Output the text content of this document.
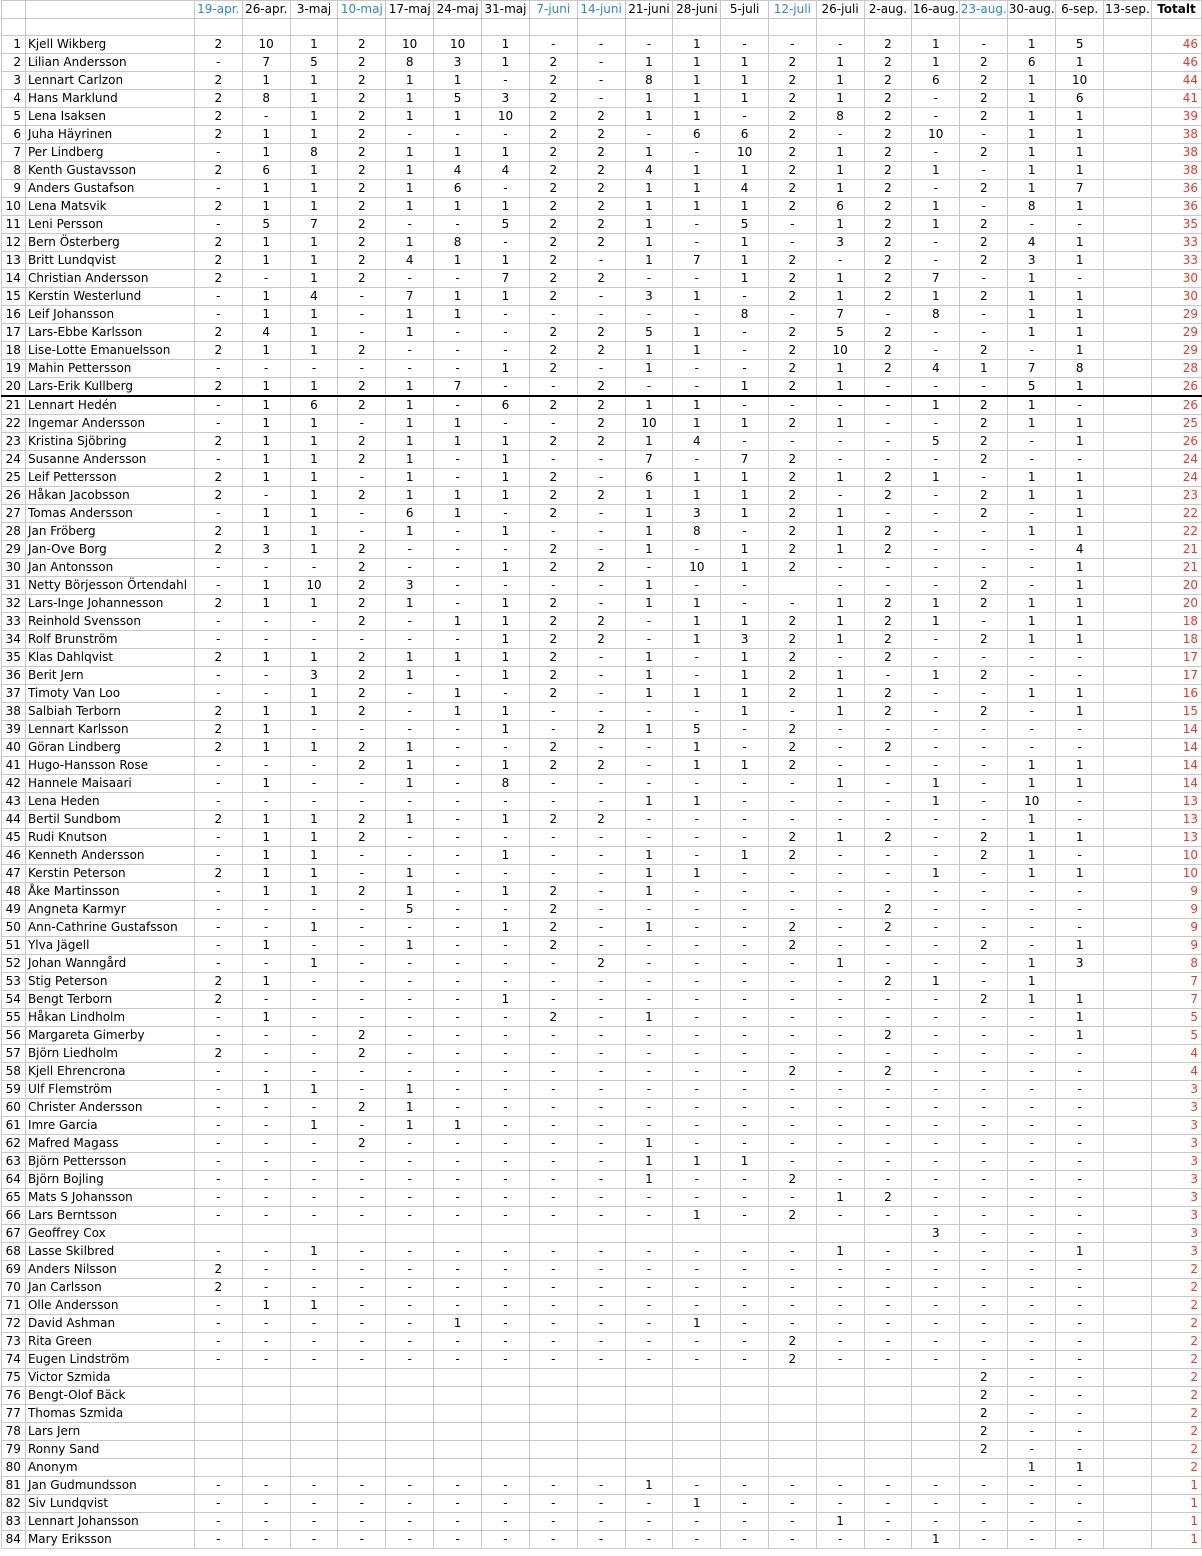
		19-apr.	26-apr.	3-maj	10-maj	17-maj	24-maj	31-maj	7-juni	14-juni	21-juni	28-juni	5-juli	12-juli	26-juli	2-aug.	16-aug.	23-aug.	30-aug.	6-sep.	13-sep.	Totalt

1	Kjell Wikberg	2	10	1	2	10	10	1	-	-	-	1	-	-	-	2	1	-	1	5		46
2	Lilian Andersson	-	7	5	2	8	3	1	2	-	1	1	1	2	1	2	1	2	6	1		46
3	Lennart Carlzon	2	1	1	2	1	1	-	2	-	8	1	1	2	1	2	6	2	1	10		44
4	Hans Marklund	2	8	1	2	1	5	3	2	-	1	1	1	2	1	2	-	2	1	6		41
5	Lena Isaksen	2	-	1	2	1	1	10	2	2	1	1	-	2	8	2	-	2	1	1		39
6	Juha Häyrinen	2	1	1	2	-	-	-	2	2	-	6	6	2	-	2	10	-	1	1		38
7	Per Lindberg	-	1	8	2	1	1	1	2	2	1	-	10	2	1	2	-	2	1	1		38
8	Kenth Gustavsson	2	6	1	2	1	4	4	2	2	4	1	1	2	1	2	1	-	1	1		38
9	Anders Gustafson	-	1	1	2	1	6	-	2	2	1	1	4	2	1	2	-	2	1	7		36
10	Lena Matsvik	2	1	1	2	1	1	1	2	2	1	1	1	2	6	2	1	-	8	1		36
11	Leni Persson	-	5	7	2	-	-	5	2	2	1	-	5	-	1	2	1	2	-	-		35
12	Bern Österberg	2	1	1	2	1	8	-	2	2	1	-	1	-	3	2	-	2	4	1		33
13	Britt Lundqvist	2	1	1	2	4	1	1	2	-	1	7	1	2	-	2	-	2	3	1		33
14	Christian Andersson	2	-	1	2	-	-	7	2	2	-	-	1	2	1	2	7	-	1	-		30
15	Kerstin Westerlund	-	1	4	-	7	1	1	2	-	3	1	-	2	1	2	1	2	1	1		30
16	Leif Johansson	-	1	1	-	1	1	-	-	-	-	-	8	-	7	-	8	-	1	1		29
17	Lars-Ebbe Karlsson	2	4	1	-	1	-	-	2	2	5	1	-	2	5	2	-	-	1	1		29
18	Lise-Lotte Emanuelsson	2	1	1	2	-	-	-	2	2	1	1	-	2	10	2	-	2	-	1		29
19	Mahin Pettersson	-	-	-	-	-	-	1	2	-	1	-	-	2	1	2	4	1	7	8		28
20	Lars-Erik Kullberg	2	1	1	2	1	7	-	-	2	-	-	1	2	1	-	-	-	5	1		26
21	Lennart Hedén	-	1	6	2	1	-	6	2	2	1	1	-	-	-	-	1	2	1	-		26
22	Ingemar Andersson	-	1	1	-	1	1	-	-	2	10	1	1	2	1	-	-	2	1	1		25
23	Kristina Sjöbring	2	1	1	2	1	1	1	2	2	1	4	-	-	-	-	5	2	-	1		26
24	Susanne Andersson	-	1	1	2	1	-	1	-	-	7	-	7	2	-	-	-	2	-	-		24
25	Leif Pettersson	2	1	1	-	1	-	1	2	-	6	1	1	2	1	2	1	-	1	1		24
26	Håkan Jacobsson	2	-	1	2	1	1	1	2	2	1	1	1	2	-	2	-	2	1	1		23
27	Tomas Andersson	-	1	1	-	6	1	-	2	-	1	3	1	2	1	-	-	2	-	1		22
28	Jan Fröberg	2	1	1	-	1	-	1	-	-	1	8	-	2	1	2	-	-	1	1		22
29	Jan-Ove Borg	2	3	1	2	-	-	-	2	-	1	-	1	2	1	2	-	-	-	4		21
30	Jan Antonsson	-	-	-	2	-	-	1	2	2	-	10	1	2	-	-	-	-	-	1		21
31	Netty Börjesson Örtendahl	-	1	10	2	3	-	-	-	-	1	-	-		-	-	-	2	-	1		20
32	Lars-Inge Johannesson	2	1	1	2	1	-	1	2	-	1	1	-	-	1	2	1	2	1	1		20
33	Reinhold Svensson	-	-	-	2	-	1	1	2	2	-	1	1	2	1	2	1	-	1	1		18
34	Rolf Brunström	-	-	-	-	-	-	1	2	2	-	1	3	2	1	2	-	2	1	1		18
35	Klas Dahlqvist	2	1	1	2	1	1	1	2	-	1	-	1	2	-	2	-	-	-	-		17
36	Berit Jern	-	-	3	2	1	-	1	2	-	1	-	1	2	1	-	1	2	-	-		17
37	Timoty Van Loo	-	-	1	2	-	1	-	2	-	1	1	1	2	1	2	-	-	1	1		16
38	Salbiah Terborn	2	1	1	2	-	1	1	-	-	-	-	1	-	1	2	-	2	-	1		15
39	Lennart Karlsson	2	1	-	-	-	-	1	-	2	1	5	-	2	-	-	-	-	-	-		14
40	Göran Lindberg	2	1	1	2	1	-	-	2	-	-	1	-	2	-	2	-	-	-	-		14
41	Hugo-Hansson Rose	-	-	-	2	1	-	1	2	2	-	1	1	2	-	-	-	-	1	1		14
42	Hannele Maisaari	-	1	-	-	1	-	8	-	-	-	-	-	-	1	-	1	-	1	1		14
43	Lena Heden	-	-	-	-	-	-	-	-	-	1	1	-	-	-	-	1	-	10	-		13
44	Bertil Sundbom	2	1	1	2	1	-	1	2	2	-	-	-	-	-	-	-	-	1	-		13
45	Rudi Knutson	-	1	1	2	-	-	-	-	-	-	-	-	2	1	2	-	2	1	1		13
46	Kenneth Andersson	-	1	1	-	-	-	1	-	-	1	-	1	2	-	-	-	2	1	-		10
47	Kerstin Peterson	2	1	1	-	1	-	-	-	-	1	1	-	-	-	-	1	-	1	1		10
48	Åke Martinsson	-	1	1	2	1	-	1	2	-	1	-	-	-	-	-	-	-	-	-		9
49	Angneta Karmyr	-	-	-	-	5	-	-	2	-	-	-	-	-	-	2	-	-	-	-		9
50	Ann-Cathrine Gustafsson	-	-	1	-	-	-	1	2	-	1	-	-	2	-	2	-	-	-	-		9
51	Ylva Jägell	-	1	-	-	1	-	-	2	-	-	-	-	2	-	-	-	2	-	1		9
52	Johan Wanngård	-	-	1	-	-	-	-	-	2	-	-	-	-	1	-	-	-	1	3		8
53	Stig Peterson	2	1	-	-	-	-	-	-	-	-	-	-	-	-	2	1	-	1			7
54	Bengt Terborn	2	-	-	-	-	-	1	-	-	-	-	-	-	-	-	-	2	1	1		7
55	Håkan Lindholm	-	1	-	-	-	-	-	2	-	1	-	-	-	-	-	-	-	-	1		5
56	Margareta Gimerby	-	-	-	2	-	-	-	-	-	-	-	-	-	-	2	-	-	-	1		5
57	Björn Liedholm	2	-	-	2	-	-	-	-	-	-	-	-	-	-	-	-	-	-	-		4
58	Kjell Ehrencrona	-	-	-	-	-	-	-	-	-	-	-	-	2	-	2	-	-	-	-		4
59	Ulf Flemström	-	1	1	-	1	-	-	-	-	-	-	-	-	-	-	-	-	-	-		3
60	Christer Andersson	-	-	-	2	1	-	-	-	-	-	-	-	-	-	-	-	-	-	-		3
61	Imre Garcia	-	-	1	-	1	1	-	-	-	-	-	-	-	-	-	-	-	-	-		3
62	Mafred Magass	-	-	-	2	-	-	-	-	-	1	-	-	-	-	-	-	-	-	-		3
63	Björn Pettersson	-	-	-	-	-	-	-	-	-	1	1	1	-	-	-	-	-	-	-		3
64	Björn Bojling	-	-	-	-	-	-	-	-	-	1	-	-	2	-	-	-	-	-	-		3
65	Mats S Johansson	-	-	-	-	-	-	-	-	-	-	-	-	-	1	2	-	-	-	-		3
66	Lars Berntsson	-	-	-	-	-	-	-	-	-	-	1	-	2	-	-	-	-	-	-		3
67	Geoffrey Cox																3	-	-	-		3
68	Lasse Skilbred	-	-	1	-	-	-	-	-	-	-	-	-	-	1	-	-	-	-	1		3
69	Anders Nilsson	2	-	-	-	-	-	-	-	-	-	-	-	-	-	-	-	-	-	-		2
70	Jan Carlsson	2	-	-	-	-	-	-	-	-	-	-	-	-	-	-	-	-	-	-		2
71	Olle Andersson	-	1	1	-	-	-	-	-	-	-	-	-	-	-	-	-	-	-	-		2
72	David Ashman	-	-	-	-	-	1	-	-	-	-	1	-	-	-	-	-	-	-	-		2
73	Rita Green	-	-	-	-	-	-	-	-	-	-	-	-	2	-	-	-	-	-	-		2
74	Eugen Lindström	-	-	-	-	-	-	-	-	-	-	-	-	2	-	-	-	-	-	-		2
75	Victor Szmida																	2	-	-		2
76	Bengt-Olof Bäck																	2	-	-		2
77	Thomas Szmida																	2	-	-		2
78	Lars Jern																	2	-	-		2
79	Ronny Sand																	2	-	-		2
80	Anonym																		1	1		2
81	Jan Gudmundsson	-	-	-	-	-	-	-	-	-	1	-	-	-	-	-	-	-	-	-		1
82	Siv Lundqvist	-	-	-	-	-	-	-	-	-	-	1	-	-	-	-	-	-	-	-		1
83	Lennart Johansson	-	-	-	-	-	-	-	-	-	-	-	-	-	1	-	-	-	-	-		1
84	Mary Eriksson	-	-	-	-	-	-	-	-	-	-	-	-	-	-	-	1	-	-	-		1
